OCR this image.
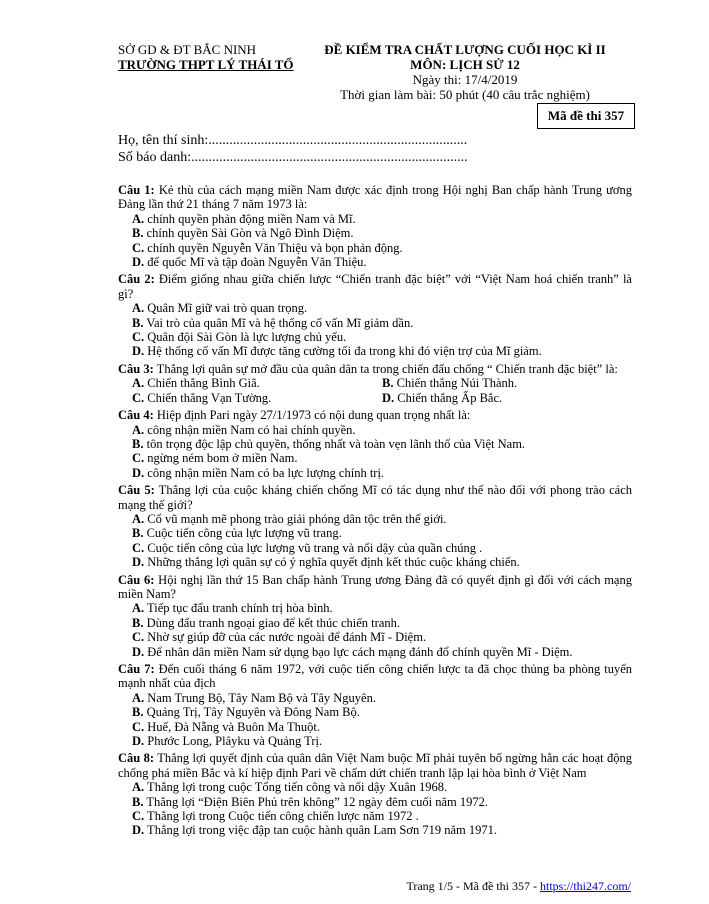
SỞ GD & ĐT BẮC NINH
TRƯỜNG THPT LÝ THÁI TỔ
ĐỀ KIỂM TRA CHẤT LƯỢNG CUỐI HỌC KÌ II
MÔN: LỊCH SỬ 12
Ngày thi: 17/4/2019
Thời gian làm bài: 50 phút (40 câu trắc nghiệm)
Mã đề thi 357
Họ, tên thí sinh:..........................................................................
Số báo danh:...............................................................................

Câu 1: Kẻ thù của cách mạng miền Nam được xác định trong Hội nghị Ban chấp hành Trung ương Đảng lần thứ 21 tháng 7 năm 1973 là:

A. chính quyền phản động miền Nam và Mĩ.
B. chính quyền Sài Gòn và Ngô Đình Diệm.
C. chính quyền Nguyễn Văn Thiệu và bọn phản động.
D. đế quốc Mĩ và tập đoàn Nguyễn Văn Thiệu.

Câu 2: Điểm giống nhau giữa chiến lược “Chiến tranh đặc biệt” với “Việt Nam hoá chiến tranh” là gì?

A. Quân Mĩ giữ vai trò quan trọng.
B. Vai trò của quân Mĩ và hệ thống cố vấn Mĩ giảm dần.
C. Quân đội Sài Gòn là lực lượng chủ yếu.
D. Hệ thống cố vấn Mĩ được tăng cường tối đa trong khi đó viện trợ của Mĩ giảm.

Câu 3: Thắng lợi quân sự mở đầu của quân dân ta trong chiến đấu chống “ Chiến tranh đặc biệt” là:

A. Chiến thắng Bình Giã.	B. Chiến thắng Núi Thành.
C. Chiến thắng Vạn Tường.	D. Chiến thắng Ấp Bắc.

Câu 4: Hiệp định Pari ngày 27/1/1973 có nội dung quan trọng nhất là:

A. công nhận miền Nam có hai chính quyền.
B. tôn trọng độc lập chủ quyền, thống nhất và toàn vẹn lãnh thổ của Việt Nam.
C. ngừng ném bom ở miền Nam.
D. công nhận miền Nam có ba lực lượng chính trị.

Câu 5: Thắng lợi của cuộc kháng chiến chống Mĩ có tác dụng như thế nào đối với phong trào cách mạng thế giới?

A. Cổ vũ mạnh mẽ phong trào giải phóng dân tộc trên thế giới.
B. Cuộc tiến công của lực lượng vũ trang.
C. Cuộc tiến công của lực lượng vũ trang và nổi dậy của quần chúng .
D. Những thắng lợi quân sự có ý nghĩa quyết định kết thúc cuộc kháng chiến.

Câu 6: Hội nghị lần thứ 15 Ban chấp hành Trung ương Đảng đã có quyết định gì đối với cách mạng miền Nam?

A. Tiếp tục đấu tranh chính trị hòa bình.
B. Dùng đấu tranh ngoại giao để kết thúc chiến tranh.
C. Nhờ sự giúp đỡ của các nước ngoài để đánh Mĩ - Diệm.
D. Để nhân dân miền Nam sử dụng bạo lực cách mạng đánh đổ chính quyền Mĩ - Diệm.

Câu 7: Đến cuối tháng 6 năm 1972, với cuộc tiến công chiến lược ta đã chọc thủng ba phòng tuyến mạnh nhất của địch

A. Nam Trung Bộ, Tây Nam Bộ và Tây Nguyên.
B. Quảng Trị, Tây Nguyên và Đông Nam Bộ.
C. Huế, Đà Nẵng và Buôn Ma Thuột.
D. Phước Long, Plâyku và Quảng Trị.

Câu 8: Thắng lợi quyết định của quân dân Việt Nam buộc Mĩ phải tuyên bố ngừng hẳn các hoạt động chống phá miền Bắc và kí hiệp định Pari về chấm dứt chiến tranh lập lại hòa bình ở Việt Nam

A. Thắng lợi trong cuộc Tổng tiến công và nổi dậy Xuân 1968.
B. Thắng lợi “Điện Biên Phủ trên không” 12 ngày đêm cuối năm 1972.
C. Thắng lợi trong Cuộc tiến công chiến lược năm 1972 .
D. Thắng lợi trong việc đập tan cuộc hành quân Lam Sơn 719 năm 1971.
Trang 1/5 - Mã đề thi 357 - https://thi247.com/
